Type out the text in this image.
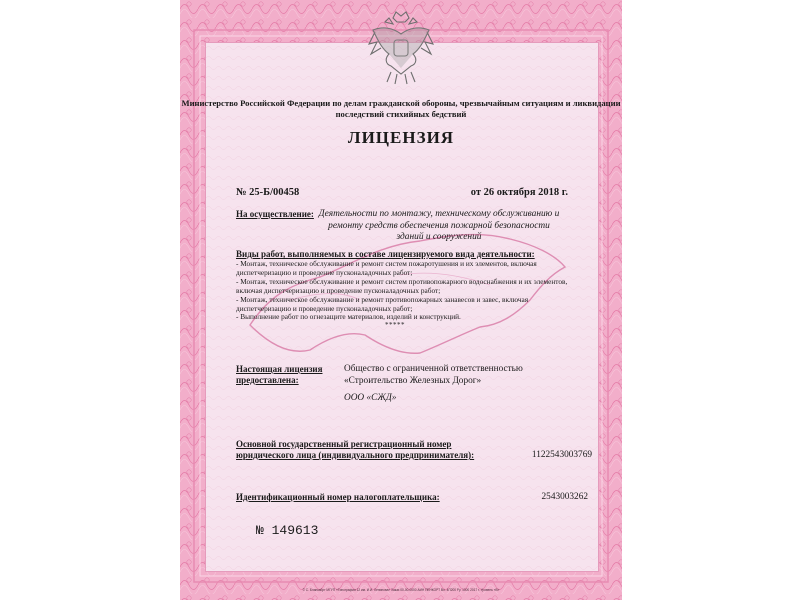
Министерство Российской Федерации по делам гражданской обороны, чрезвычайным ситуациям и ликвидации последствий стихийных бедствий
ЛИЦЕНЗИЯ
№ 25-Б/00458	от 26 октября 2018 г.
На осуществление: Деятельности по монтажу, техническому обслуживанию и ремонту средств обеспечения пожарной безопасности зданий и сооружений
Виды работ, выполняемых в составе лицензируемого вида деятельности:
- Монтаж, техническое обслуживание и ремонт систем пожаротушения и их элементов, включая диспетчеризацию и проведение пусконаладочных работ;
- Монтаж, техническое обслуживание и ремонт систем противопожарного водоснабжения и их элементов, включая диспетчеризацию и проведение пусконаладочных работ;
- Монтаж, техническое обслуживание и ремонт противопожарных занавесов и завес, включая диспетчеризацию и проведение пусконаладочных работ;
- Выполнение работ по огнезащите материалов, изделий и конструкций.
*****
Настоящая лицензия предоставлена:
Общество с ограниченной ответственностью «Строительство Железных Дорог»
ООО «СЖД»
Основной государственный регистрационный номер юридического лица (индивидуального предпринимателя):	1122543003769
Идентификационный номер налогоплательщика:	2543003262
№ 149613
© С. Бланкабрт МГУП «Типография 12 им. И.И. Ленинова» Заказ 00-00-0000 АИН ПЕНКОРТ Вл. 4П200 Ру. 1000 2017 г. Уровень «В»
